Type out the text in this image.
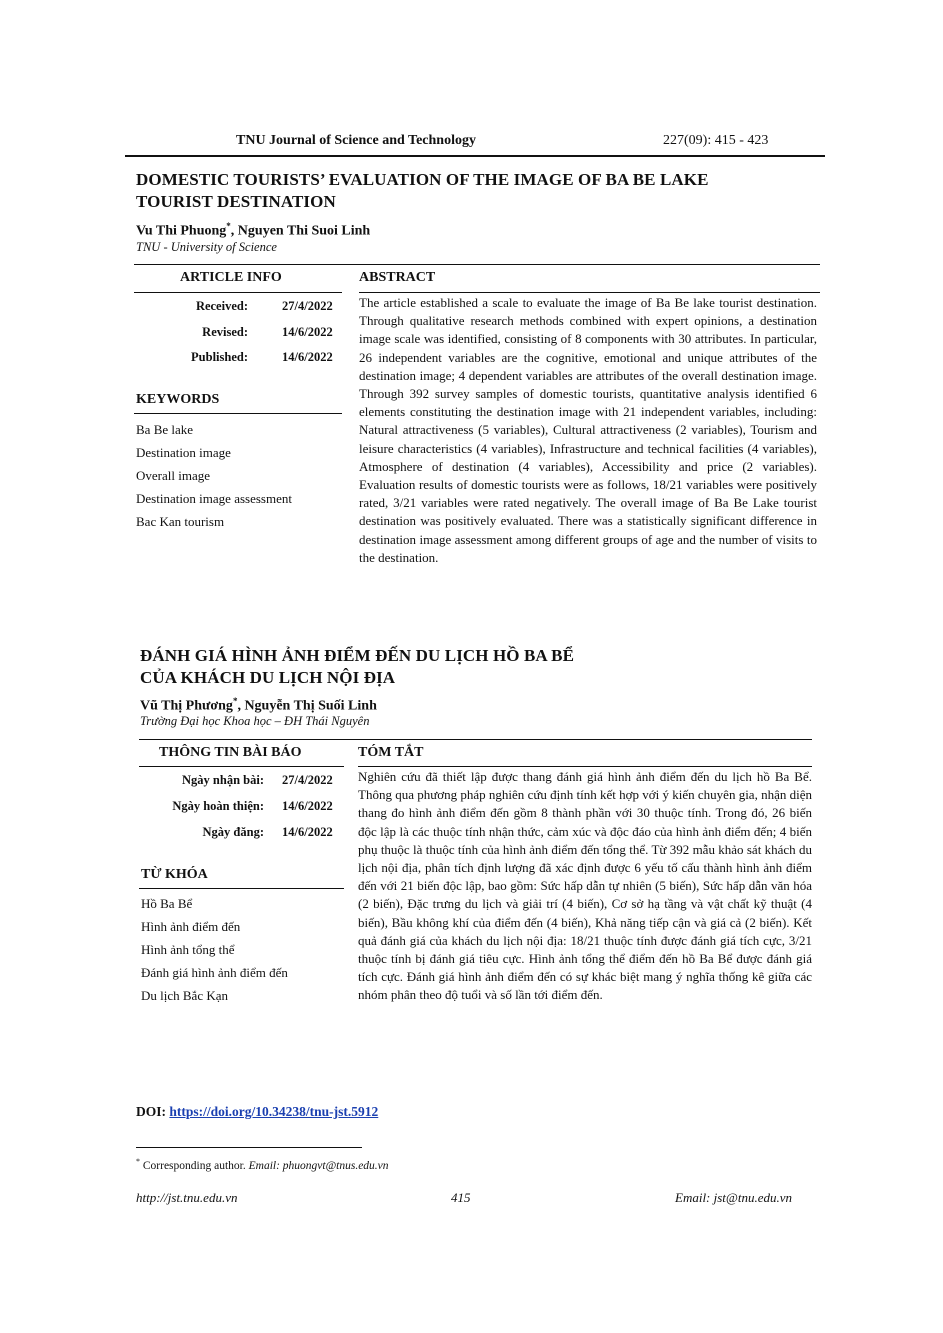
TNU Journal of Science and Technology	227(09): 415 - 423
DOMESTIC TOURISTS’ EVALUATION OF THE IMAGE OF BA BE LAKE
TOURIST DESTINATION
Vu Thi Phuong*, Nguyen Thi Suoi Linh
TNU - University of Science
ARTICLE INFO	ABSTRACT
Received:	27/4/2022
Revised:	14/6/2022
Published:	14/6/2022
KEYWORDS
Ba Be lake
Destination image
Overall image
Destination image assessment
Bac Kan tourism
The article established a scale to evaluate the image of Ba Be lake tourist destination. Through qualitative research methods combined with expert opinions, a destination image scale was identified, consisting of 8 components with 30 attributes. In particular, 26 independent variables are the cognitive, emotional and unique attributes of the destination image; 4 dependent variables are attributes of the overall destination image. Through 392 survey samples of domestic tourists, quantitative analysis identified 6 elements constituting the destination image with 21 independent variables, including: Natural attractiveness (5 variables), Cultural attractiveness (2 variables), Tourism and leisure characteristics (4 variables), Infrastructure and technical facilities (4 variables), Atmosphere of destination (4 variables), Accessibility and price (2 variables). Evaluation results of domestic tourists were as follows, 18/21 variables were positively rated, 3/21 variables were rated negatively. The overall image of Ba Be Lake tourist destination was positively evaluated. There was a statistically significant difference in destination image assessment among different groups of age and the number of visits to the destination.
ĐÁNH GIÁ HÌNH ẢNH ĐIỂM ĐẾN DU LỊCH HỒ BA BỂ
CỦA KHÁCH DU LỊCH NỘI ĐỊA
Vũ Thị Phương*, Nguyễn Thị Suối Linh
Trường Đại học Khoa học – ĐH Thái Nguyên
THÔNG TIN BÀI BÁO	TÓM TẮT
Ngày nhận bài: 27/4/2022
Ngày hoàn thiện: 14/6/2022
Ngày đăng: 14/6/2022
TỪ KHÓA
Hồ Ba Bể
Hình ảnh điểm đến
Hình ảnh tổng thể
Đánh giá hình ảnh điểm đến
Du lịch Bắc Kạn
Nghiên cứu đã thiết lập được thang đánh giá hình ảnh điểm đến du lịch hồ Ba Bể. Thông qua phương pháp nghiên cứu định tính kết hợp với ý kiến chuyên gia, nhận diện thang đo hình ảnh điểm đến gồm 8 thành phần với 30 thuộc tính. Trong đó, 26 biến độc lập là các thuộc tính nhận thức, cảm xúc và độc đáo của hình ảnh điểm đến; 4 biến phụ thuộc là thuộc tính của hình ảnh điểm đến tổng thể. Từ 392 mẫu khảo sát khách du lịch nội địa, phân tích định lượng đã xác định được 6 yếu tố cấu thành hình ảnh điểm đến với 21 biến độc lập, bao gồm: Sức hấp dẫn tự nhiên (5 biến), Sức hấp dẫn văn hóa (2 biến), Đặc trưng du lịch và giải trí (4 biến), Cơ sở hạ tầng và vật chất kỹ thuật (4 biến), Bầu không khí của điểm đến (4 biến), Khả năng tiếp cận và giá cả (2 biến). Kết quả đánh giá của khách du lịch nội địa: 18/21 thuộc tính được đánh giá tích cực, 3/21 thuộc tính bị đánh giá tiêu cực. Hình ảnh tổng thể điểm đến hồ Ba Bể được đánh giá tích cực. Đánh giá hình ảnh điểm đến có sự khác biệt mang ý nghĩa thống kê giữa các nhóm phân theo độ tuổi và số lần tới điểm đến.
DOI: https://doi.org/10.34238/tnu-jst.5912
* Corresponding author. Email: phuongvt@tnus.edu.vn
http://jst.tnu.edu.vn	415	Email: jst@tnu.edu.vn
